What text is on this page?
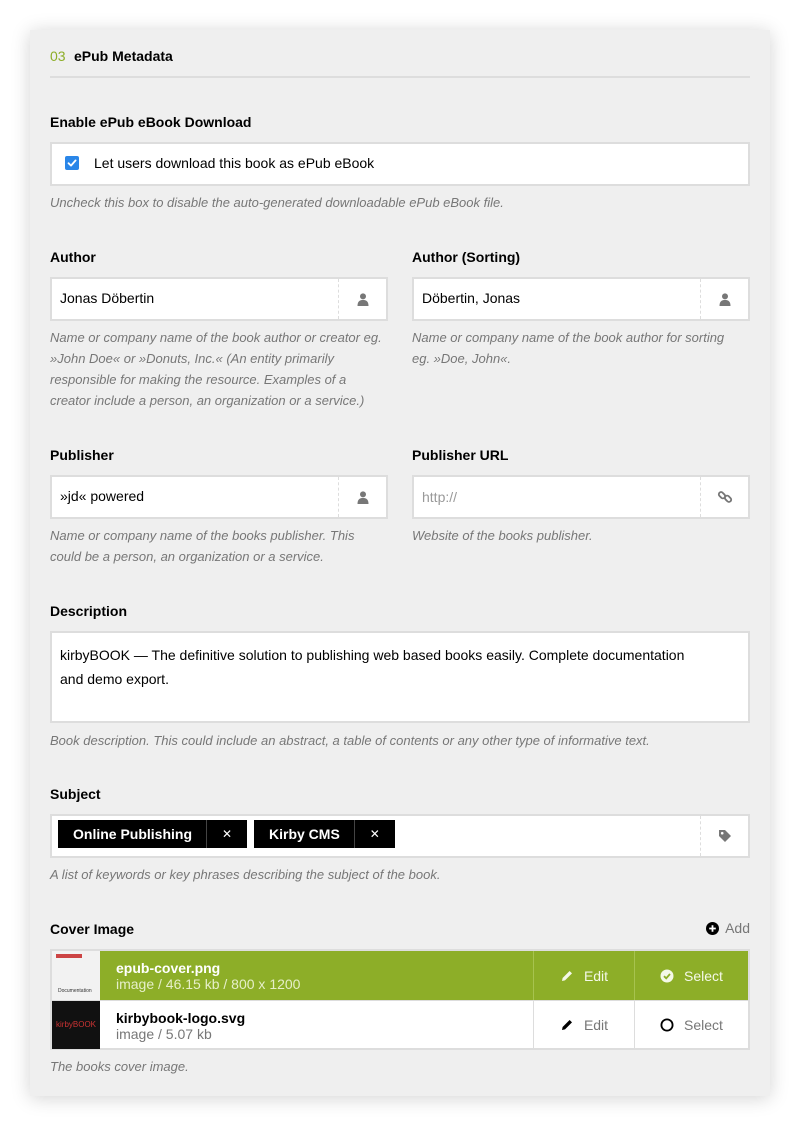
03 ePub Metadata
Enable ePub eBook Download
Let users download this book as ePub eBook
Uncheck this box to disable the auto-generated downloadable ePub eBook file.
Author
Jonas Döbertin
Name or company name of the book author or creator eg.
»John Doe« or »Donuts, Inc.« (An entity primarily
responsible for making the resource. Examples of a
creator include a person, an organization or a service.)
Author (Sorting)
Döbertin, Jonas
Name or company name of the book author for sorting
eg. »Doe, John«.
Publisher
»jd« powered
Name or company name of the books publisher. This
could be a person, an organization or a service.
Publisher URL
http://
Website of the books publisher.
Description
kirbyBOOK — The definitive solution to publishing web based books easily. Complete documentation
and demo export.
Book description. This could include an abstract, a table of contents or any other type of informative text.
Subject
Online Publishing	✕	Kirby CMS	✕
A list of keywords or key phrases describing the subject of the book.
Cover Image	Add
Documentation
epub-cover.png
image / 46.15 kb / 800 x 1200
Edit	Select
kirbyBOOK kirbybook-logo.svg
image / 5.07 kb
Edit	Select
The books cover image.
